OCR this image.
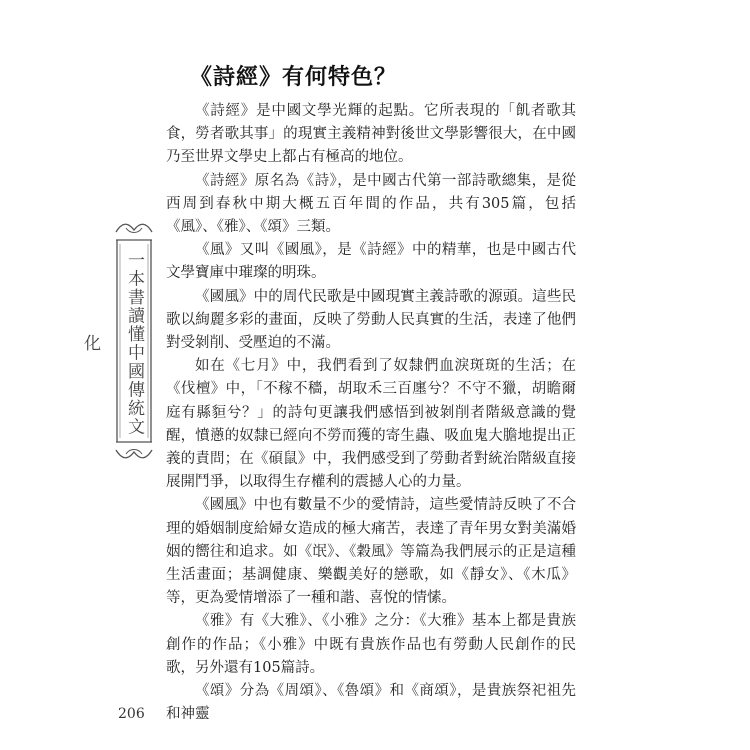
《詩經》有何特色？
一本書讀懂中國傳統文化

《詩經》是中國文學光輝的起點。它所表現的「飢者歌其食，勞者歌其事」的現實主義精神對後世文學影響很大，在中國乃至世界文學史上都占有極高的地位。

《詩經》原名為《詩》，是中國古代第一部詩歌總集，是從西周到春秋中期大概五百年間的作品，共有305篇，包括《風》、《雅》、《頌》三類。

《風》又叫《國風》，是《詩經》中的精華，也是中國古代文學寶庫中璀璨的明珠。

《國風》中的周代民歌是中國現實主義詩歌的源頭。這些民歌以絢麗多彩的畫面，反映了勞動人民真實的生活，表達了他們對受剝削、受壓迫的不滿。

如在《七月》中，我們看到了奴隸們血淚斑斑的生活；在《伐檀》中，「不稼不穡，胡取禾三百廛兮？不守不獵，胡瞻爾庭有縣貆兮？」的詩句更讓我們感悟到被剝削者階級意識的覺醒，憤懣的奴隸已經向不勞而獲的寄生蟲、吸血鬼大膽地提出正義的責問；在《碩鼠》中，我們感受到了勞動者對統治階級直接展開鬥爭，以取得生存權利的震撼人心的力量。

《國風》中也有數量不少的愛情詩，這些愛情詩反映了不合理的婚姻制度給婦女造成的極大痛苦，表達了青年男女對美滿婚姻的嚮往和追求。如《氓》、《穀風》等篇為我們展示的正是這種生活畫面；基調健康、樂觀美好的戀歌，如《靜女》、《木瓜》等，更為愛情增添了一種和諧、喜悅的情愫。

《雅》有《大雅》、《小雅》之分：《大雅》基本上都是貴族創作的作品；《小雅》中既有貴族作品也有勞動人民創作的民歌，另外還有105篇詩。

《頌》分為《周頌》、《魯頌》和《商頌》，是貴族祭祀祖先和神靈

206
